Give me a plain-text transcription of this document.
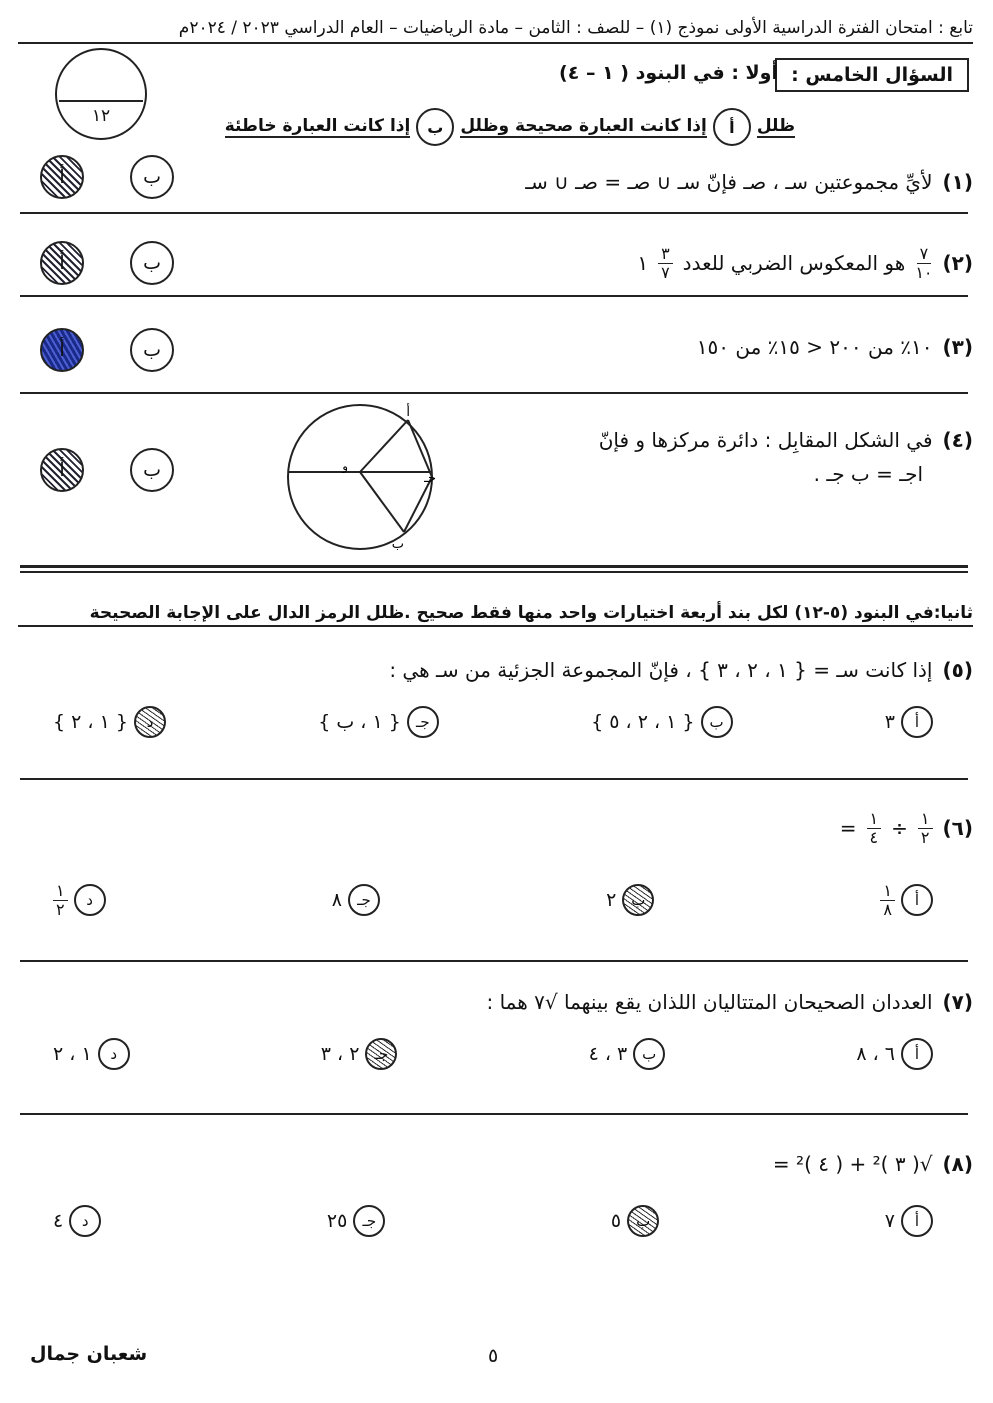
تابع : امتحان الفترة الدراسية الأولى نموذج (١) – للصف : الثامن – مادة الرياضيات – العام الدراسي ٢٠٢٣ / ٢٠٢٤م
١٢
السؤال الخامس :
أولا : في البنود ( ١ – ٤)
ظلل
أ
إذا كانت العبارة صحيحة وظلل
ب
إذا كانت العبارة خاطئة
(١)
لأيِّ مجموعتين سـ ، صـ فإنّ سـ ∪ صـ = صـ ∪ سـ
ب
أ
(٢)
$\frac{٧}{١٠}$
هو المعكوس الضربي للعدد
$\frac{٣}{٧}$
١
ب
أ
(٣)
١٠٪ من ٢٠٠ < ١٥٪ من ١٥٠
ب
أ
(٤)
في الشكل المقابِل : دائرة مركزها و فإنّ
اجـ = ب جـ .
أ
ب
جـ
و
ب
أ
ثانيا:في البنود (٥-١٢) لكل بند أربعة اختيارات واحد منها فقط صحيح .ظلل الرمز الدال على الإجابة الصحيحة
(٥)
إذا كانت سـ = { ١ ، ٢ ، ٣ } ، فإنّ المجموعة الجزئية من سـ هي :
أ
٣
ب
{ ١ ، ٢ ، ٥ }
جـ
{ ١ ، ب }
د
{ ١ ، ٢ }
(٦)
$\frac{١}{٢}$
÷
$\frac{١}{٤}$
=
أ
$\frac{١}{٨}$
ب
٢
جـ
٨
د
$\frac{١}{٢}$
(٧)
العددان الصحيحان المتتاليان اللذان يقع بينهما √٧ هما :
أ
٦ ، ٨
ب
٣ ، ٤
جـ
٢ ، ٣
د
١ ، ٢
(٨)
√( ٣ )² + ( ٤ )² =
أ
٧
ب
٥
جـ
٢٥
د
٤
شعبان جمال	٥
